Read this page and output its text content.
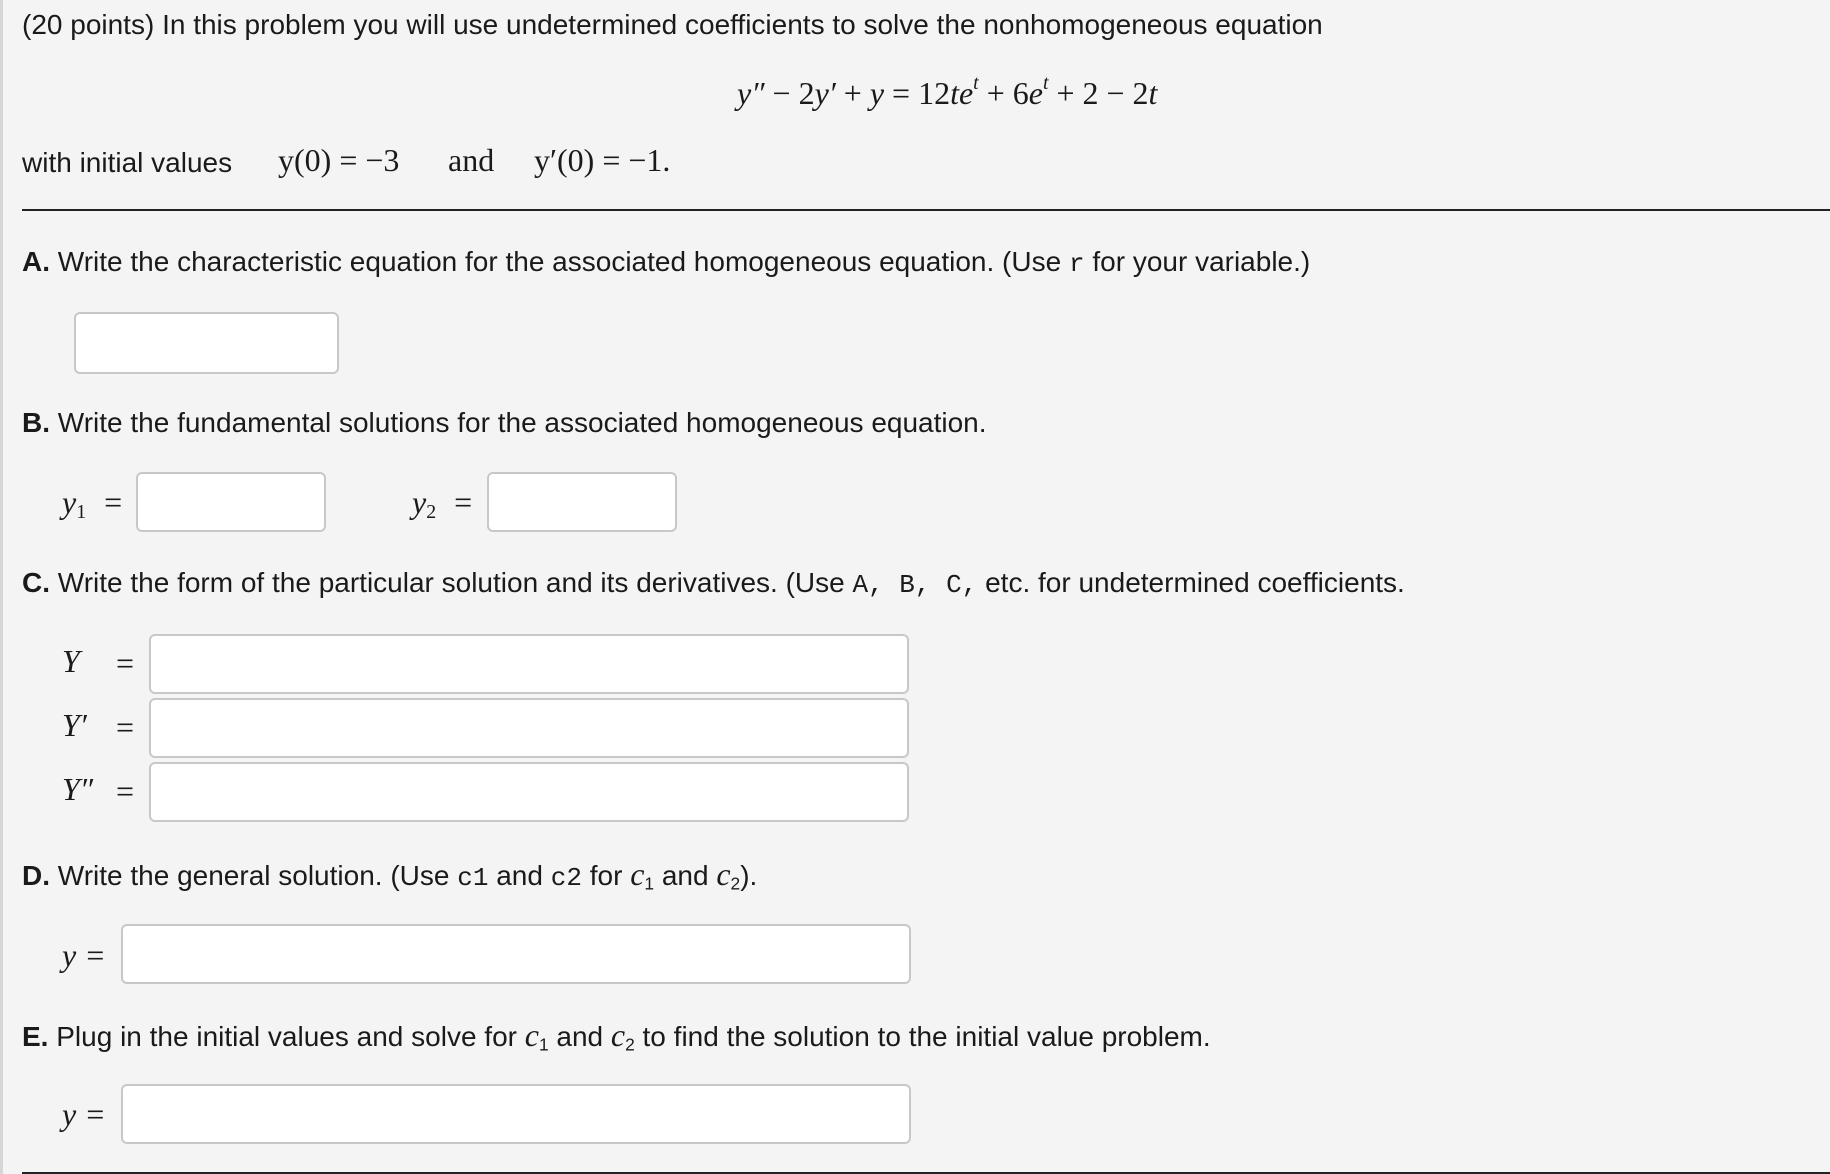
(20 points) In this problem you will use undetermined coefficients to solve the nonhomogeneous equation
$y'' - 2y' + y = 12te^t + 6e^t + 2 - 2t$
with initial values y(0) = −3 and y′(0) = −1.
A. Write the characteristic equation for the associated homogeneous equation. (Use r for your variable.)
B. Write the fundamental solutions for the associated homogeneous equation.
$y_1$ =	$y_2$ =
C. Write the form of the particular solution and its derivatives. (Use A, B, C, etc. for undetermined coefficients.
Y =
Y′ =
Y″ =
D. Write the general solution. (Use c1 and c2 for $c_1$ and $c_2$).
y =
E. Plug in the initial values and solve for $c_1$ and $c_2$ to find the solution to the initial value problem.
y =
